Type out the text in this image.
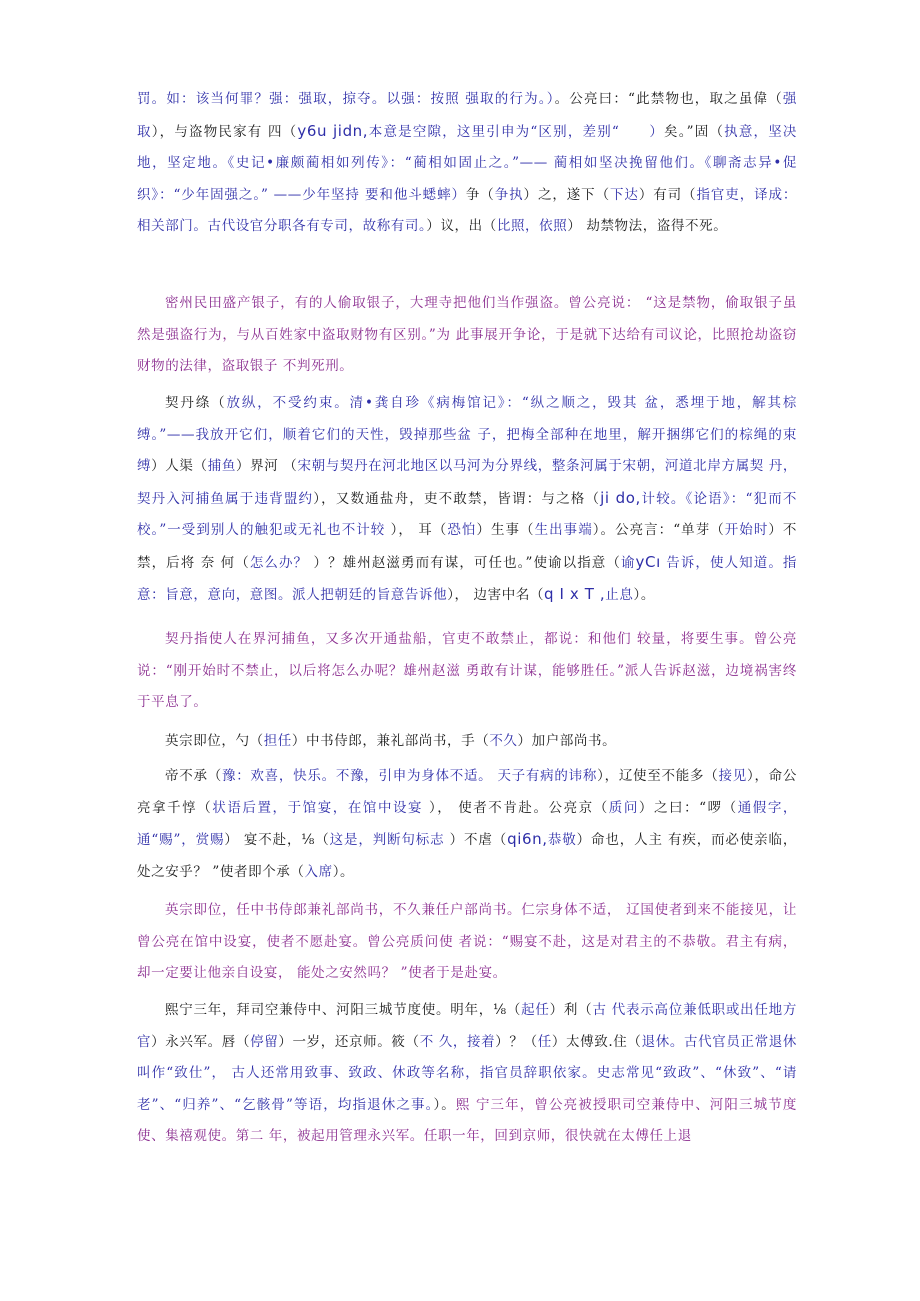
罚。如：该当何罪？强：强取，掠夺。以强：按照 强取的行为。）。公亮曰：“此禁物也，取之虽偉（强取），与盗物民家有 四（y6u jidn,本意是空隙，这里引申为“区别，差别“　　）矣。”固（执意，坚决地，坚定地。《史记•廉颇蔺相如列传》：“蔺相如固止之。”—— 蔺相如坚决挽留他们。《聊斋志异•促织》：“少年固强之。” ——少年坚持 要和他斗蟋蟀）争（争执）之，遂下（下达）有司（指官吏，译成： 相关部门。古代设官分职各有专司，故称有司。）议，出（比照，依照） 劫禁物法，盗得不死。

密州民田盛产银子，有的人偷取银子，大理寺把他们当作强盗。曾公亮说： “这是禁物，偷取银子虽然是强盗行为，与从百姓家中盗取财物有区别。”为 此事展开争论，于是就下达给有司议论，比照抢劫盗窃财物的法律，盗取银子 不判死刑。

契丹绦（放纵，不受约束。清•龚自珍《病梅馆记》：“纵之顺之，毁其 盆，悉埋于地，解其棕缚。”——我放开它们，顺着它们的天性，毁掉那些盆 子，把梅全部种在地里，解开捆绑它们的棕绳的束缚）人渠（捕鱼）界河 （宋朝与契丹在河北地区以马河为分界线，整条河属于宋朝，河道北岸方属契 丹，契丹入河捕鱼属于违背盟约），又数通盐舟，吏不敢禁，皆谓：与之格（ji do,计较。《论语》：“犯而不校。”一受到别人的触犯或无礼也不计较 ）， 耳（恐怕）生事（生出事端）。公亮言：“单芽（开始时）不禁，后将 奈 何（怎么办？ ）？雄州赵滋勇而有谋，可任也。”使谕以指意（谕yCı 告诉，使人知道。指意：旨意，意向，意图。派人把朝廷的旨意告诉他）， 边害中名（q I x T ,止息）。

契丹指使人在界河捕鱼，又多次开通盐船，官吏不敢禁止，都说：和他们 较量，将要生事。曾公亮说：“刚开始时不禁止，以后将怎么办呢？雄州赵滋 勇敢有计谋，能够胜任。”派人告诉赵滋，边境祸害终于平息了。

英宗即位，勺（担任）中书侍郎，兼礼部尚书，手（不久）加户部尚书。

帝不承（豫：欢喜，快乐。不豫，引申为身体不适。 天子有病的讳称），辽使至不能多（接见），命公亮拿千惇（状语后置，于馆宴，在馆中设宴 ）， 使者不肯赴。公亮京（质问）之曰：“啰（通假字，通“赐”，赏赐） 宴不赴，⅛（这是，判断句标志 ）不虐（qi6n,恭敬）命也，人主 有疾，而必使亲临，处之安乎？ ”使者即个承（入席）。

英宗即位，任中书侍郎兼礼部尚书，不久兼任户部尚书。仁宗身体不适， 辽国使者到来不能接见，让曾公亮在馆中设宴，使者不愿赴宴。曾公亮质问使 者说：“赐宴不赴，这是对君主的不恭敬。君主有病，却一定要让他亲自设宴， 能处之安然吗？ ”使者于是赴宴。

熙宁三年，拜司空兼侍中、河阳三城节度使。明年，⅛（起任）利（古 代表示高位兼低职或出任地方官）永兴军。唇（停留）一岁，还京师。筱（不 久，接着）？（任）太傅致.住（退休。古代官员正常退休叫作“致仕”， 古人还常用致事、致政、休政等名称，指官员辞职依家。史志常见“致政”、“休致”、“请老”、“归养”、“乞骸骨”等语，均指退休之事。）。熙 宁三年，曾公亮被授职司空兼侍中、河阳三城节度使、集禧观使。第二 年，被起用管理永兴军。任职一年，回到京师，很快就在太傅任上退
